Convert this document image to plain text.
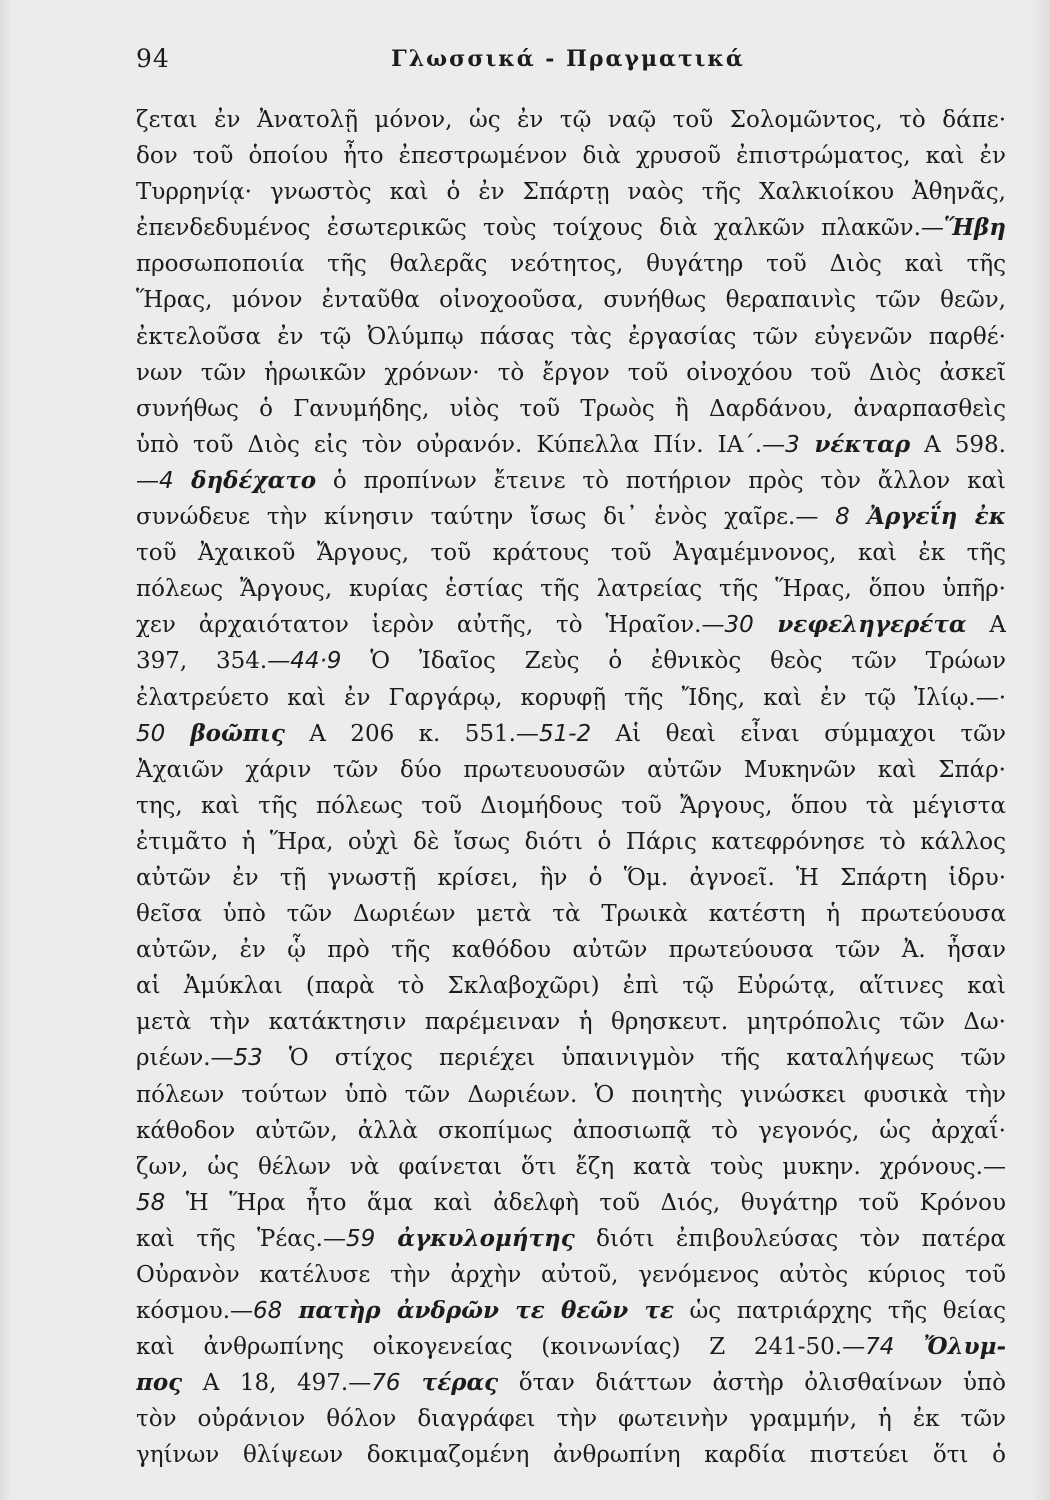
94	Γλωσσικά - Πραγματικά
ζεται ἐν Ἀνατολῇ μόνον, ὡς ἐν τῷ ναῷ τοῦ Σολομῶντος, τὸ δάπε·
δον τοῦ ὁποίου ἦτο ἐπεστρωμένον διὰ χρυσοῦ ἐπιστρώματος, καὶ ἐν
Τυρρηνίᾳ· γνωστὸς καὶ ὁ ἐν Σπάρτῃ ναὸς τῆς Χαλκιοίκου Ἀθηνᾶς,
ἐπενδεδυμένος ἐσωτερικῶς τοὺς τοίχους διὰ χαλκῶν πλακῶν.—Ἥβη
προσωποποιία τῆς θαλερᾶς νεότητος, θυγάτηρ τοῦ Διὸς καὶ τῆς
Ἥρας, μόνον ἐνταῦθα οἰνοχοοῦσα, συνήθως θεραπαινὶς τῶν θεῶν,
ἐκτελοῦσα ἐν τῷ Ὀλύμπῳ πάσας τὰς ἐργασίας τῶν εὐγενῶν παρθέ·
νων τῶν ἡρωικῶν χρόνων· τὸ ἔργον τοῦ οἰνοχόου τοῦ Διὸς ἀσκεῖ
συνήθως ὁ Γανυμήδης, υἱὸς τοῦ Τρωὸς ἢ Δαρδάνου, ἀναρπασθεὶς
ὑπὸ τοῦ Διὸς εἰς τὸν οὐρανόν. Κύπελλα Πίν. ΙΑ΄.—3 νέκταρ Α 598.
—4 δηδέχατο ὁ προπίνων ἔτεινε τὸ ποτήριον πρὸς τὸν ἄλλον καὶ
συνώδευε τὴν κίνησιν ταύτην ἴσως δι᾽ ἑνὸς χαῖρε.— 8 Ἀργεΐη ἐκ
τοῦ Ἀχαικοῦ Ἄργους, τοῦ κράτους τοῦ Ἀγαμέμνονος, καὶ ἐκ τῆς
πόλεως Ἄργους, κυρίας ἑστίας τῆς λατρείας τῆς Ἥρας, ὅπου ὑπῆρ·
χεν ἀρχαιότατον ἱερὸν αὐτῆς, τὸ Ἡραῖον.—30 νεφεληγερέτα Α
397, 354.—44·9 Ὁ Ἰδαῖος Ζεὺς ὁ ἐθνικὸς θεὸς τῶν Τρώων
ἐλατρεύετο καὶ ἐν Γαργάρῳ, κορυφῇ τῆς Ἴδης, καὶ ἐν τῷ Ἰλίῳ.—·
50 βοῶπις Α 206 κ. 551.—51-2 Αἱ θεαὶ εἶναι σύμμαχοι τῶν
Ἀχαιῶν χάριν τῶν δύο πρωτευουσῶν αὐτῶν Μυκηνῶν καὶ Σπάρ·
της, καὶ τῆς πόλεως τοῦ Διομήδους τοῦ Ἄργους, ὅπου τὰ μέγιστα
ἐτιμᾶτο ἡ Ἥρα, οὐχὶ δὲ ἴσως διότι ὁ Πάρις κατεφρόνησε τὸ κάλλος
αὐτῶν ἐν τῇ γνωστῇ κρίσει, ἣν ὁ Ὅμ. ἀγνοεῖ. Ἡ Σπάρτη ἱδρυ·
θεῖσα ὑπὸ τῶν Δωριέων μετὰ τὰ Τρωικὰ κατέστη ἡ πρωτεύουσα
αὐτῶν, ἐν ᾧ πρὸ τῆς καθόδου αὐτῶν πρωτεύουσα τῶν Ἀ. ἦσαν
αἱ Ἀμύκλαι (παρὰ τὸ Σκλαβοχῶρι) ἐπὶ τῷ Εὐρώτᾳ, αἵτινες καὶ
μετὰ τὴν κατάκτησιν παρέμειναν ἡ θρησκευτ. μητρόπολις τῶν Δω·
ριέων.—53 Ὁ στίχος περιέχει ὑπαινιγμὸν τῆς καταλήψεως τῶν
πόλεων τούτων ὑπὸ τῶν Δωριέων. Ὁ ποιητὴς γινώσκει φυσικὰ τὴν
κάθοδον αὐτῶν, ἀλλὰ σκοπίμως ἀποσιωπᾷ τὸ γεγονός, ὡς ἀρχαΐ·
ζων, ὡς θέλων νὰ φαίνεται ὅτι ἔζη κατὰ τοὺς μυκην. χρόνους.—
58 Ἡ Ἥρα ἦτο ἅμα καὶ ἀδελφὴ τοῦ Διός, θυγάτηρ τοῦ Κρόνου
καὶ τῆς Ῥέας.—59 ἀγκυλομήτης διότι ἐπιβουλεύσας τὸν πατέρα
Οὐρανὸν κατέλυσε τὴν ἀρχὴν αὐτοῦ, γενόμενος αὐτὸς κύριος τοῦ
κόσμου.—68 πατὴρ ἀνδρῶν τε θεῶν τε ὡς πατριάρχης τῆς θείας
καὶ ἀνθρωπίνης οἰκογενείας (κοινωνίας) Ζ 241-50.—74 Ὄλυμ-
πος Α 18, 497.—76 τέρας ὅταν διάττων ἀστὴρ ὀλισθαίνων ὑπὸ
τὸν οὐράνιον θόλον διαγράφει τὴν φωτεινὴν γραμμήν, ἡ ἐκ τῶν
γηίνων θλίψεων δοκιμαζομένη ἀνθρωπίνη καρδία πιστεύει ὅτι ὁ
